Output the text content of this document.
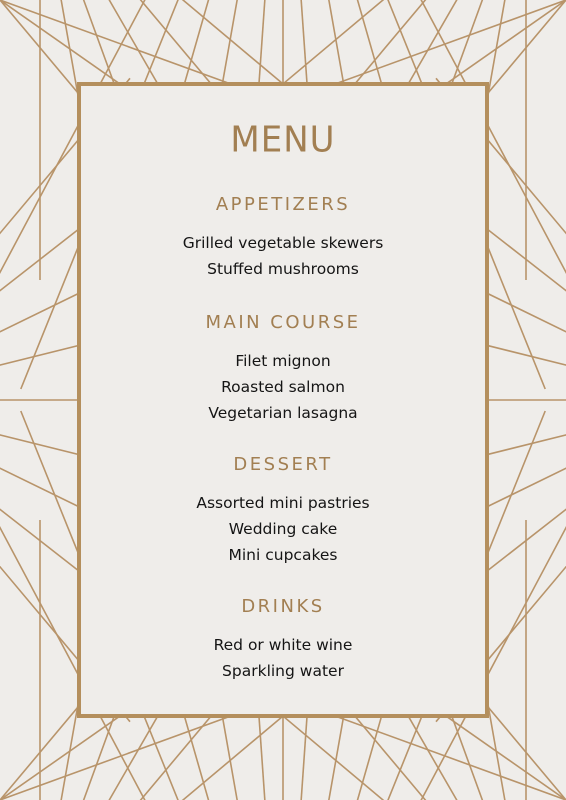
MENU
APPETIZERS
Grilled vegetable skewers
Stuffed mushrooms
MAIN COURSE
Filet mignon
Roasted salmon
Vegetarian lasagna
DESSERT
Assorted mini pastries
Wedding cake
Mini cupcakes
DRINKS
Red or white wine
Sparkling water
